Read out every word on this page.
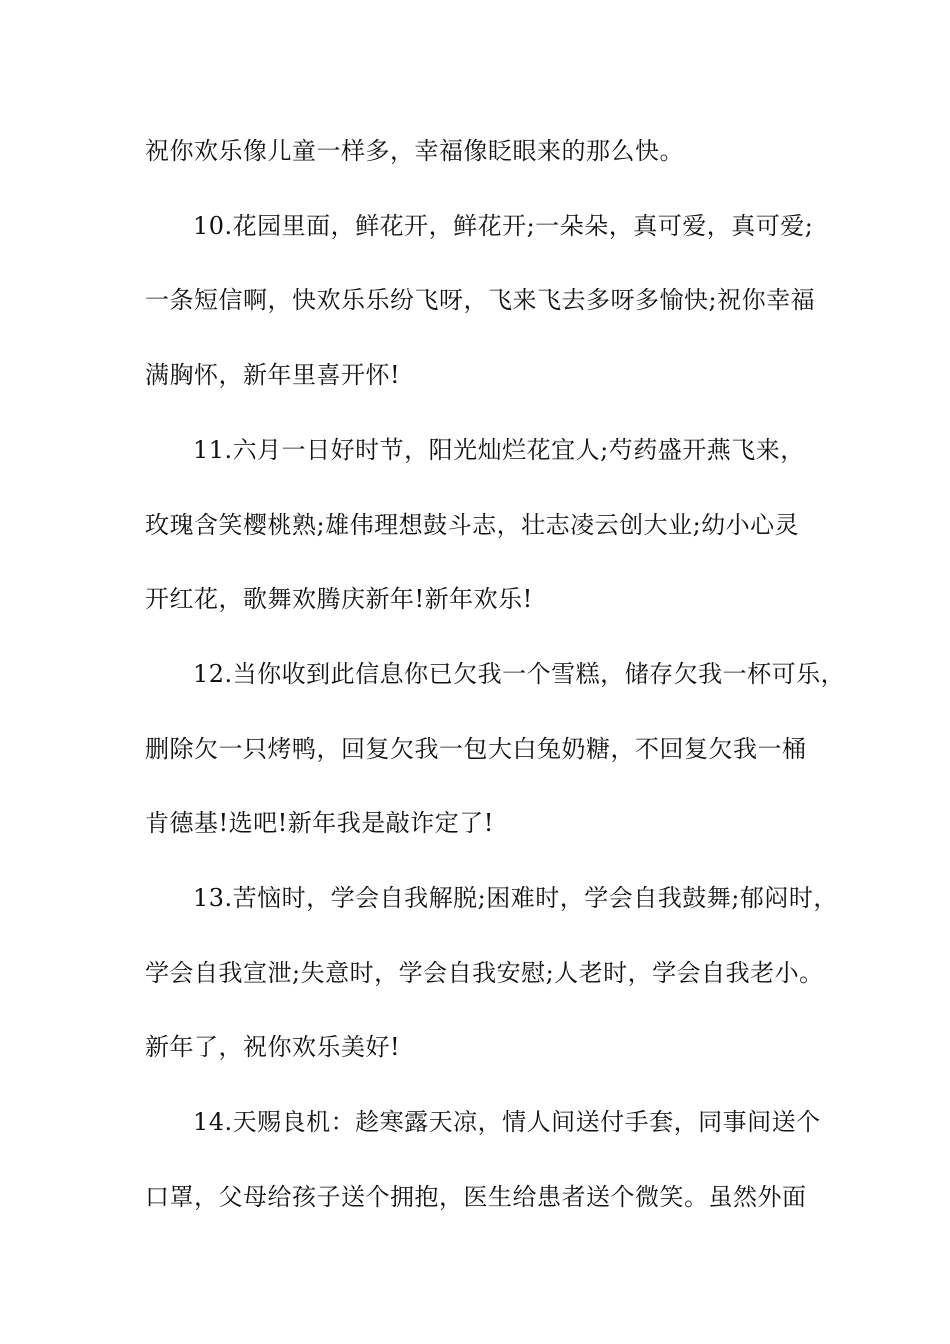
祝你欢乐像儿童一样多，幸福像眨眼来的那么快。
10.花园里面，鲜花开，鲜花开;一朵朵，真可爱，真可爱;
一条短信啊，快欢乐乐纷飞呀，飞来飞去多呀多愉快;祝你幸福
满胸怀，新年里喜开怀!
11.六月一日好时节，阳光灿烂花宜人;芍药盛开燕飞来，
玫瑰含笑樱桃熟;雄伟理想鼓斗志，壮志凌云创大业;幼小心灵
开红花，歌舞欢腾庆新年!新年欢乐!
12.当你收到此信息你已欠我一个雪糕，储存欠我一杯可乐，
删除欠一只烤鸭，回复欠我一包大白兔奶糖，不回复欠我一桶
肯德基!选吧!新年我是敲诈定了!
13.苦恼时，学会自我解脱;困难时，学会自我鼓舞;郁闷时，
学会自我宣泄;失意时，学会自我安慰;人老时，学会自我老小。
新年了，祝你欢乐美好!
14.天赐良机：趁寒露天凉，情人间送付手套，同事间送个
口罩，父母给孩子送个拥抱，医生给患者送个微笑。虽然外面
